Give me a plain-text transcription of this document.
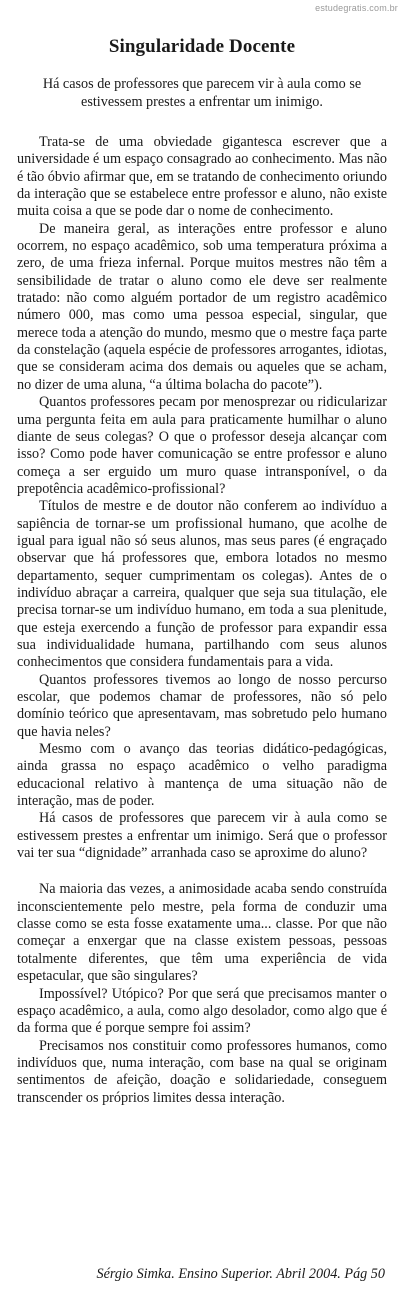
estudegratis.com.br
Singularidade Docente
Há casos de professores que parecem vir à aula como se estivessem prestes a enfrentar um inimigo.

Trata-se de uma obviedade gigantesca escrever que a universidade é um espaço consagrado ao conhecimento. Mas não é tão óbvio afirmar que, em se tratando de conhecimento oriundo da interação que se estabelece entre professor e aluno, não existe muita coisa a que se pode dar o nome de conhecimento.

De maneira geral, as interações entre professor e aluno ocorrem, no espaço acadêmico, sob uma temperatura próxima a zero, de uma frieza infernal. Porque muitos mestres não têm a sensibilidade de tratar o aluno como ele deve ser realmente tratado: não como alguém portador de um registro acadêmico número 000, mas como uma pessoa especial, singular, que merece toda a atenção do mundo, mesmo que o mestre faça parte da constelação (aquela espécie de professores arrogantes, idiotas, que se consideram acima dos demais ou aqueles que se acham, no dizer de uma aluna, “a última bolacha do pacote”).

Quantos professores pecam por menosprezar ou ridicularizar uma pergunta feita em aula para praticamente humilhar o aluno diante de seus colegas? O que o professor deseja alcançar com isso? Como pode haver comunicação se entre professor e aluno começa a ser erguido um muro quase intransponível, o da prepotência acadêmico-profissional?

Títulos de mestre e de doutor não conferem ao indivíduo a sapiência de tornar-se um profissional humano, que acolhe de igual para igual não só seus alunos, mas seus pares (é engraçado observar que há professores que, embora lotados no mesmo departamento, sequer cumprimentam os colegas). Antes de o indivíduo abraçar a carreira, qualquer que seja sua titulação, ele precisa tornar-se um indivíduo humano, em toda a sua plenitude, que esteja exercendo a função de professor para expandir essa sua individualidade humana, partilhando com seus alunos conhecimentos que considera fundamentais para a vida.

Quantos professores tivemos ao longo de nosso percurso escolar, que podemos chamar de professores, não só pelo domínio teórico que apresentavam, mas sobretudo pelo humano que havia neles?

Mesmo com o avanço das teorias didático-pedagógicas, ainda grassa no espaço acadêmico o velho paradigma educacional relativo à mantença de uma situação não de interação, mas de poder.

Há casos de professores que parecem vir à aula como se estivessem prestes a enfrentar um inimigo. Será que o professor vai ter sua “dignidade” arranhada caso se aproxime do aluno?

Na maioria das vezes, a animosidade acaba sendo construída inconscientemente pelo mestre, pela forma de conduzir uma classe como se esta fosse exatamente uma... classe. Por que não começar a enxergar que na classe existem pessoas, pessoas totalmente diferentes, que têm uma experiência de vida espetacular, que são singulares?

Impossível? Utópico? Por que será que precisamos manter o espaço acadêmico, a aula, como algo desolador, como algo que é da forma que é porque sempre foi assim?

Precisamos nos constituir como professores humanos, como indivíduos que, numa interação, com base na qual se originam sentimentos de afeição, doação e solidariedade, conseguem transcender os próprios limites dessa interação.

Sérgio Simka. Ensino Superior. Abril 2004. Pág 50
